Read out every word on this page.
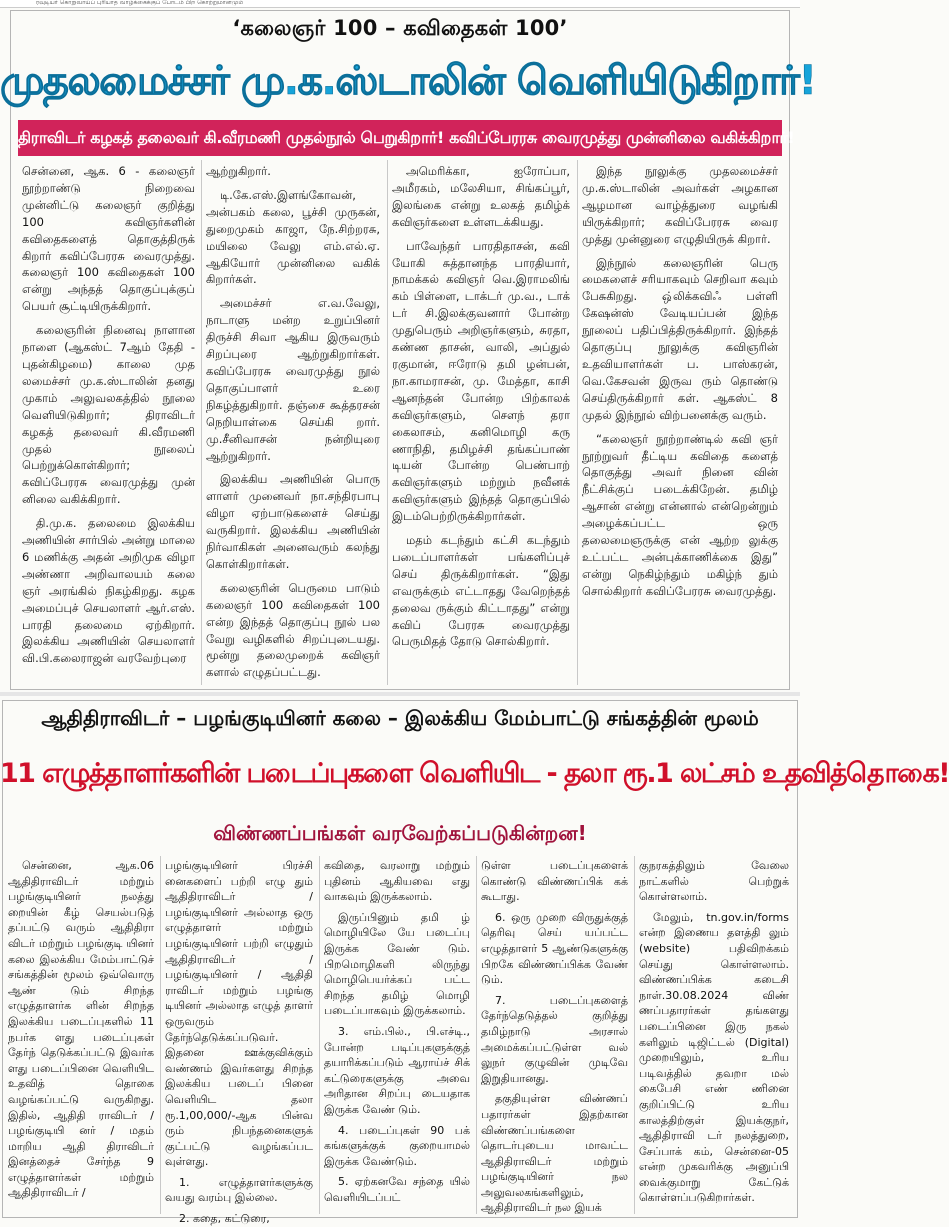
ரவுடியர் கொறுவாய்ப் புரியாத வாழ்க்கைக்குப் போடம் பிற கொற்றுமானமும்
‘கலைஞர் 100 – கவிதைகள் 100’
முதலமைச்சர் மு.க.ஸ்டாலின் வெளியிடுகிறார்!
திராவிடர் கழகத் தலைவர் கி.வீரமணி முதல்நூல் பெறுகிறார்! கவிப்பேரரசு வைரமுத்து முன்னிலை வகிக்கிறார்!

சென்னை, ஆக. 6 - கலைஞர் நூற்றாண்டு நிறைவை முன்னிட்டு கலைஞர் குறித்து 100 கவிஞர்களின் கவிதைகளைத் தொகுத்திருக் கிறார் கவிப்பேரரசு வைரமுத்து. கலைஞர் 100 கவிதைகள் 100 என்று அந்தத் தொகுப்புக்குப் பெயர் சூட்டியிருக்கிறார்.

கலைஞரின் நினைவு நாளான நாளை (ஆகஸ்ட் 7ஆம் தேதி - புதன்கிழமை) காலை முத லமைச்சர் மு.க.ஸ்டாலின் தனது முகாம் அலுவலகத்தில் நூலை வெளியிடுகிறார்; திராவிடர் கழகத் தலைவர் கி.வீரமணி முதல் நூலைப் பெற்றுக்கொள்கிறார்; கவிப்பேரரசு வைரமுத்து முன் னிலை வகிக்கிறார்.

தி.மு.க. தலைமை இலக்கிய அணியின் சார்பில் அன்று மாலை 6 மணிக்கு அதன் அறிமுக விழா அண்ணா அறிவாலயம் கலை ஞர் அரங்கில் நிகழ்கிறது. கழக அமைப்புச் செயலாளர் ஆர்.எஸ். பாரதி தலைமை ஏற்கிறார். இலக்கிய அணியின் செயலாளர் வி.பி.கலைராஜன் வரவேற்புரை

ஆற்றுகிறார்.

டி.கே.எஸ்.இளங்கோவன், அன்பகம் கலை, பூச்சி முருகன், துறைமுகம் காஜா, நே.சிற்றரசு, மயிலை வேலு எம்.எல்.ஏ. ஆகியோர் முன்னிலை வகிக் கிறார்கள்.

அமைச்சர் எ.வ.வேலு, நாடாளு மன்ற உறுப்பினர் திருச்சி சிவா ஆகிய இருவரும் சிறப்புரை ஆற்றுகிறார்கள். கவிப்பேரரசு வைரமுத்து நூல் தொகுப்பாளர் உரை நிகழ்த்துகிறார். தஞ்சை கூத்தரசன் நெறியாள்கை செய்கி றார். மு.சீனிவாசன் நன்றியுரை ஆற்றுகிறார்.

இலக்கிய அணியின் பொரு ளாளர் முனைவர் நா.சந்திரபாபு விழா ஏற்பாடுகளைச் செய்து வருகிறார். இலக்கிய அணியின் நிர்வாகிகள் அனைவரும் கலந்து கொள்கிறார்கள்.

கலைஞரின் பெருமை பாடும் கலைஞர் 100 கவிதைகள் 100 என்ற இந்தத் தொகுப்பு நூல் பல வேறு வழிகளில் சிறப்புடையது. மூன்று தலைமுறைக் கவிஞர் களால் எழுதப்பட்டது.

அமெரிக்கா, ஐரோப்பா, அமீரகம், மலேசியா, சிங்கப்பூர், இலங்கை என்று உலகத் தமிழ்க் கவிஞர்களை உள்ளடக்கியது.

பாவேந்தர் பாரதிதாசன், கவி யோகி சுத்தானந்த பாரதியார், நாமக்கல் கவிஞர் வெ.இராமலிங் கம் பிள்ளை, டாக்டர் மு.வ., டாக் டர் சி.இலக்குவனார் போன்ற முதுபெரும் அறிஞர்களும், சுரதா, கண்ண தாசன், வாலி, அப்துல் ரகுமான், ஈரோடு தமி ழன்பன், நா.காமராசன், மு. மேத்தா, காசி ஆனந்தன் போன்ற பிற்காலக் கவிஞர்களும், சௌந் தரா கைலாசம், கனிமொழி கரு ணாநிதி, தமிழச்சி தங்கப்பாண் டியன் போன்ற பெண்பாற் கவிஞர்களும் மற்றும் நவீனக் கவிஞர்களும் இந்தத் தொகுப்பில் இடம்பெற்றிருக்கிறார்கள்.

மதம் கடந்தும் கட்சி கடந்தும் படைப்பாளர்கள் பங்களிப்புச் செய் திருக்கிறார்கள். “இது எவருக்கும் எட்டாதது வேறெந்தத் தலைவ ருக்கும் கிட்டாதது” என்று கவிப் பேரரசு வைரமுத்து பெருமிதத் தோடு சொல்கிறார்.

இந்த நூலுக்கு முதலமைச்சர் மு.க.ஸ்டாலின் அவர்கள் அழகான ஆழமான வாழ்த்துரை வழங்கி யிருக்கிறார்; கவிப்பேரரசு வைர முத்து முன்னுரை எழுதியிருக் கிறார்.

இந்நூல் கலைஞரின் பெரு மைகளைச் சரியாகவும் செறிவா கவும் பேசுகிறது. ஒ்லிக்கவிஃ பள்ளி கேஷன்ஸ் வேடியப்பன் இந்த நூலைப் பதிப்பித்திருக்கிறார். இந்தத் தொகுப்பு நூலுக்கு கவிஞரின் உதவியாளர்கள் ப. பாஸ்கரன், வெ.கேசவன் இருவ ரும் தொண்டு செய்திருக்கிறார் கள். ஆகஸ்ட் 8 முதல் இந்நூல் விற்பனைக்கு வரும்.

“கலைஞர் நூற்றாண்டில் கவி ஞர் நூற்றுவர் தீட்டிய கவிதை களைத் தொகுத்து அவர் நினை வின் நீட்சிக்குப் படைக்கிறேன். தமிழ் ஆசான் என்று என்னால் என்றென்றும் அழைக்கப்பட்ட ஒரு தலைமைஞருக்கு என் ஆற்ற லுக்கு உட்பட்ட அன்புக்காணிக்கை இது” என்று நெகிழ்ந்தும் மகிழ்ந் தும் சொல்கிறார் கவிப்பேரரசு வைரமுத்து.

ஆதிதிராவிடர் – பழங்குடியினர் கலை – இலக்கிய மேம்பாட்டு சங்கத்தின் மூலம்
11 எழுத்தாளர்களின் படைப்புகளை வெளியிட - தலா ரூ.1 லட்சம் உதவித்தொகை!
விண்ணப்பங்கள் வரவேற்கப்படுகின்றன!

சென்னை, ஆக.06 ஆதிதிராவிடர் மற்றும் பழங்குடியினர் நலத்து றையின் கீழ் செயல்படுத் தப்பட்டு வரும் ஆதிதிரா விடர் மற்றும் பழங்குடி யினர் கலை இலக்கிய மேம்பாட்டுச் சங்கத்தின் மூலம் ஒவ்வொரு ஆண் டும் சிறந்த எழுத்தாளர்க ளின் சிறந்த இலக்கிய படைப்புகளில் 11 நபர்க ளது படைப்புகள் தேர்ந் தெடுக்கப்பட்டு இவர்க ளது படைப்பினை வெளியிட உதவித் தொகை வழங்கப்பட்டு வருகிறது. இதில், ஆதிதி ராவிடர் / பழங்குடியி னர் / மதம் மாறிய ஆதி திராவிடர் இனத்தைச் சேர்ந்த 9 எழுத்தாளர்கள் மற்றும் ஆதிதிராவிடர் /

பழங்குடியினர் பிரச்சி னைகளைப் பற்றி எழு தும் ஆதிதிராவிடர் / பழங்குடியினர் அல்லாத ஒரு எழுத்தாளர் மற்றும் பழங்குடியினர் பற்றி எழுதும் ஆதிதிராவிடர் / பழங்குடியினர் / ஆதிதி ராவிடர் மற்றும் பழங்கு டியினர் அல்லாத எழுத் தாளர் ஒருவரும் தேர்ந்தெடுக்கப்படுவர். இதனை ஊக்குவிக்கும் வண்ணம் இவர்களது சிறந்த இலக்கிய படைப் பினை வெளியிட தலா ரூ.1,00,000/-ஆக பின்வ ரும் நிபந்தனைகளுக் குட்பட்டு வழங்கப்பட வுள்ளது.

1. எழுத்தாளர்களுக்கு வயது வரம்பு இல்லை.

2. கதை, கட்டுரை,

கவிதை, வரலாறு மற்றும் புதினம் ஆகியவை எது வாகவும் இருக்கலாம்.

இருப்பினும் தமி ழ் மொழியிலே யே படைப்பு இருக்க வேண் டும். பிறமொழிகளி லிருந்து மொழிபெயர்க்கப் பட்ட சிறந்த தமிழ் மொழி படைப்பாகவும் இருக்கலாம்.

3. எம்.பில்., பி.எச்டி., போன்ற படிப்புகளுக்குத் தயாரிக்கப்படும் ஆராய்ச் சிக் கட்டுரைகளுக்கு அவை அரிதான சிறப்பு டையதாக இருக்க வேண் டும்.

4. படைப்புகள் 90 பக் கங்களுக்குக் குறையாமல் இருக்க வேண்டும்.

5. ஏற்கனவே சந்தை யில் வெளியிடப்பட்

டுள்ள படைப்புகளைக் கொண்டு விண்ணப்பிக் கக் கூடாது.

6. ஒரு முறை விருதுக்குத் தெரிவு செய் யப்பட்ட எழுத்தாளர் 5 ஆண்டுகளுக்கு பிறகே விண்ணப்பிக்க வேண் டும்.

7. படைப்புகளைத் தேர்ந்தெடுத்தல் குறித்து தமிழ்நாடு அரசால் அமைக்கப்பட்டுள்ள வல் லுநர் குழுவின் முடிவே இறுதியானது.

தகுதியுள்ள விண்ணப் பதாரர்கள் இதற்கான விண்ணப்பங்களை தொடர்புடைய மாவட்ட ஆதிதிராவிடர் மற்றும் பழங்குடியினர் நல அலுவலகங்களிலும், ஆதிதிராவிடர் நல இயக்

குநரகத்திலும் வேலை நாட்களில் பெற்றுக் கொள்ளலாம்.

மேலும், tn.gov.in/forms என்ற இணைய தளத்தி லும் (website) பதிவிறக்கம் செய்து கொள்ளலாம். விண்ணப்பிக்க கடைசி நாள்.30.08.2024 விண் ணப்பதாரர்கள் தங்களது படைப்பினை இரு நகல் களிலும் டிஜிட்டல் (Digital) முறையிலும், உரிய படிவத்தில் தவறா மல் கைபேசி எண் ணினை குறிப்பிட்டு உரிய காலத்திற்குள் இயக்குநர், ஆதிதிராவி டர் நலத்துறை, சேப்பாக் கம், சென்னை-05 என்ற முகவரிக்கு அனுப்பி வைக்குமாறு கேட்டுக் கொள்ளப்படுகிறார்கள்.
